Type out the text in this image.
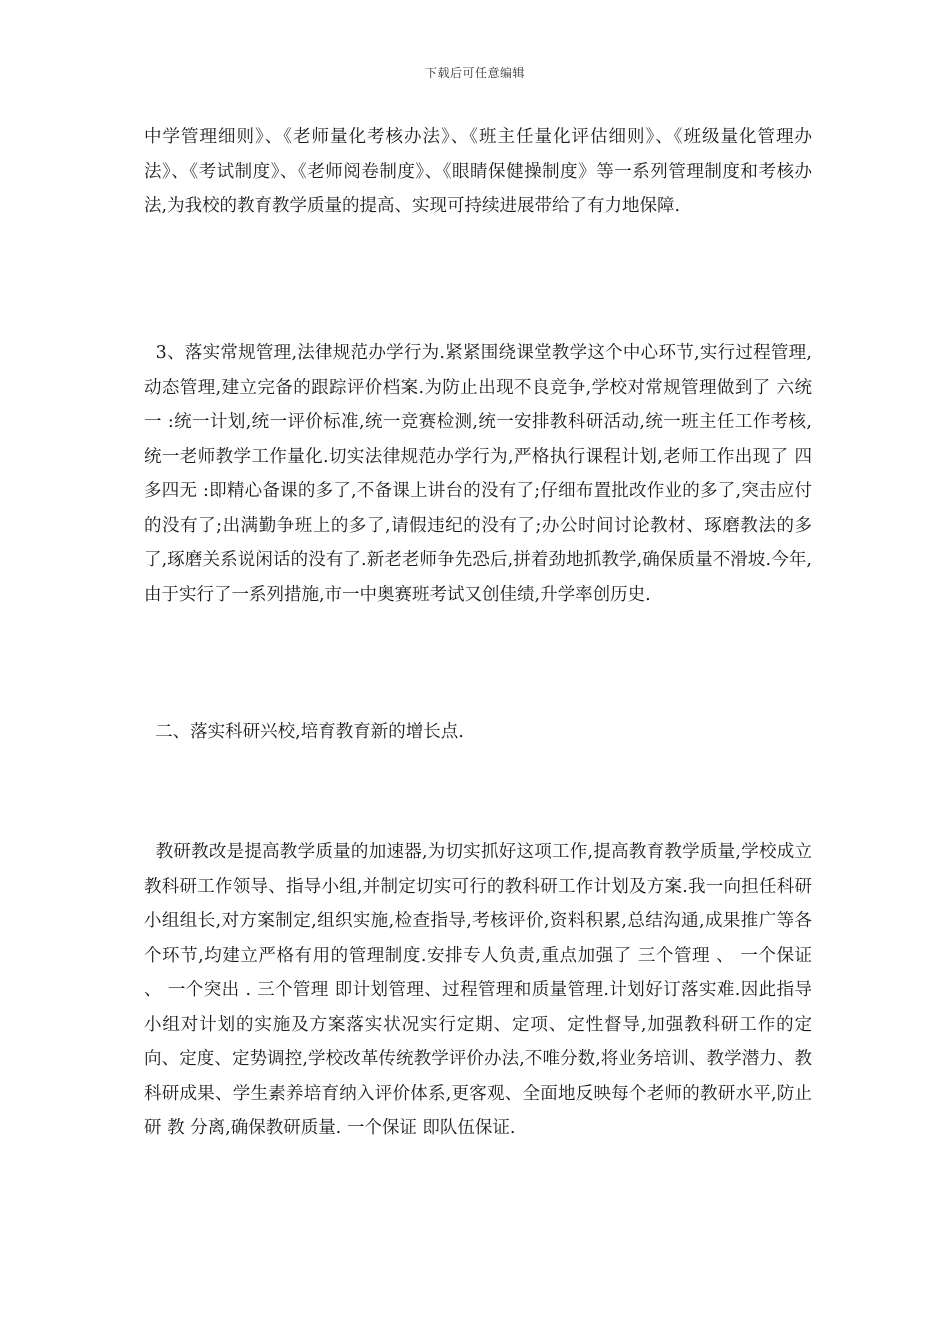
下载后可任意编辑
中学管理细则》、《老师量化考核办法》、《班主任量化评估细则》、《班级量化管理办法》、《考试制度》、《老师阅卷制度》、《眼睛保健操制度》等一系列管理制度和考核办法,为我校的教育教学质量的提高、实现可持续进展带给了有力地保障.
3、落实常规管理,法律规范办学行为.紧紧围绕课堂教学这个中心环节,实行过程管理,动态管理,建立完备的跟踪评价档案.为防止出现不良竞争,学校对常规管理做到了 六统一 :统一计划,统一评价标准,统一竞赛检测,统一安排教科研活动,统一班主任工作考核,统一老师教学工作量化.切实法律规范办学行为,严格执行课程计划,老师工作出现了 四多四无 :即精心备课的多了,不备课上讲台的没有了;仔细布置批改作业的多了,突击应付的没有了;出满勤争班上的多了,请假违纪的没有了;办公时间讨论教材、琢磨教法的多了,琢磨关系说闲话的没有了.新老老师争先恐后,拼着劲地抓教学,确保质量不滑坡.今年,由于实行了一系列措施,市一中奥赛班考试又创佳绩,升学率创历史.
二、落实科研兴校,培育教育新的增长点.
教研教改是提高教学质量的加速器,为切实抓好这项工作,提高教育教学质量,学校成立教科研工作领导、指导小组,并制定切实可行的教科研工作计划及方案.我一向担任科研小组组长,对方案制定,组织实施,检查指导,考核评价,资料积累,总结沟通,成果推广等各个环节,均建立严格有用的管理制度.安排专人负责,重点加强了 三个管理 、 一个保证 、 一个突出 . 三个管理 即计划管理、过程管理和质量管理.计划好订落实难.因此指导小组对计划的实施及方案落实状况实行定期、定项、定性督导,加强教科研工作的定向、定度、定势调控,学校改革传统教学评价办法,不唯分数,将业务培训、教学潜力、教科研成果、学生素养培育纳入评价体系,更客观、全面地反映每个老师的教研水平,防止 研 教 分离,确保教研质量. 一个保证 即队伍保证.
